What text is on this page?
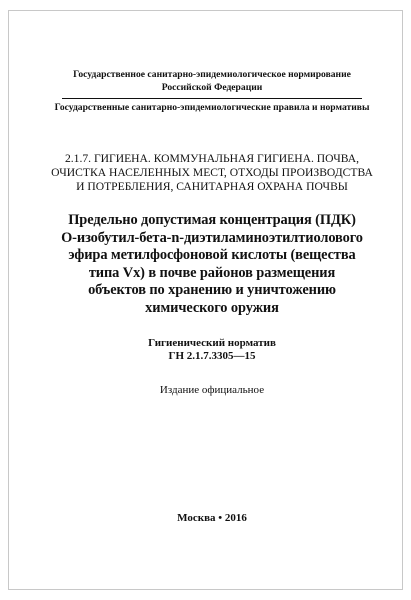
Государственное санитарно-эпидемиологическое нормирование
Российской Федерации
Государственные санитарно-эпидемиологические правила и нормативы
2.1.7. ГИГИЕНА. КОММУНАЛЬНАЯ ГИГИЕНА. ПОЧВА,
ОЧИСТКА НАСЕЛЕННЫХ МЕСТ, ОТХОДЫ ПРОИЗВОДСТВА
И ПОТРЕБЛЕНИЯ, САНИТАРНАЯ ОХРАНА ПОЧВЫ
Предельно допустимая концентрация (ПДК)
О-изобутил-бета-n-диэтиламиноэтилтиолового
эфира метилфосфоновой кислоты (вещества
типа Vx) в почве районов размещения
объектов по хранению и уничтожению
химического оружия
Гигиенический норматив
ГН 2.1.7.3305—15
Издание официальное
Москва • 2016
